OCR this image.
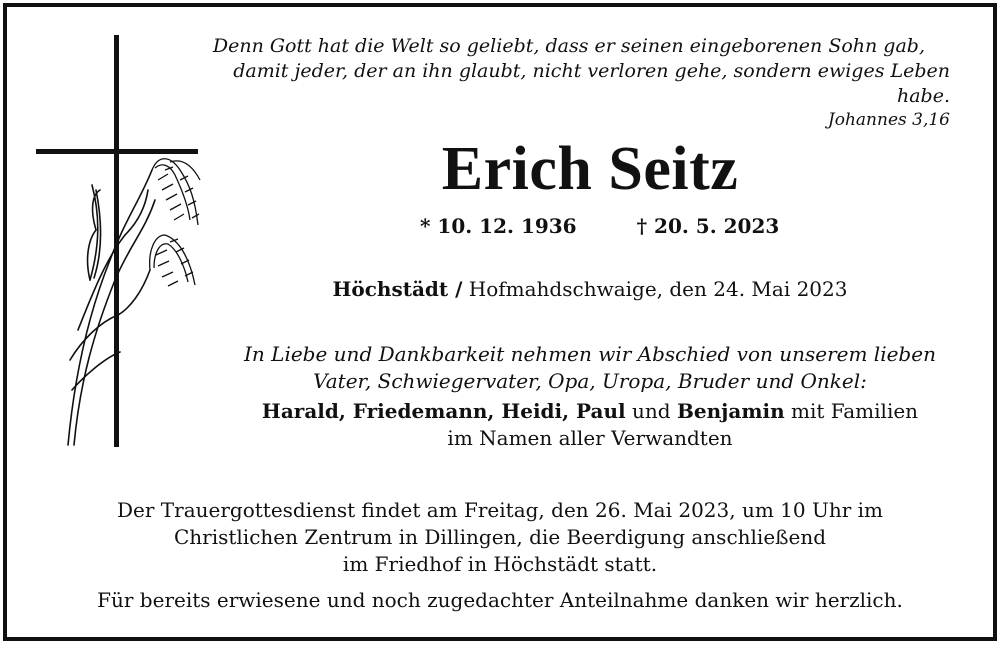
Denn Gott hat die Welt so geliebt, dass er seinen eingeborenen Sohn gab,
damit jeder, der an ihn glaubt, nicht verloren gehe, sondern ewiges Leben habe.
Johannes 3,16
Erich Seitz
* 10. 12. 1936	† 20. 5. 2023
Höchstädt / Hofmahdschwaige, den 24. Mai 2023
In Liebe und Dankbarkeit nehmen wir Abschied von unserem lieben
Vater, Schwiegervater, Opa, Uropa, Bruder und Onkel:
Harald, Friedemann, Heidi, Paul und Benjamin mit Familien
im Namen aller Verwandten
Der Trauergottesdienst findet am Freitag, den 26. Mai 2023, um 10 Uhr im
Christlichen Zentrum in Dillingen, die Beerdigung anschließend
im Friedhof in Höchstädt statt.
Für bereits erwiesene und noch zugedachter Anteilnahme danken wir herzlich.
